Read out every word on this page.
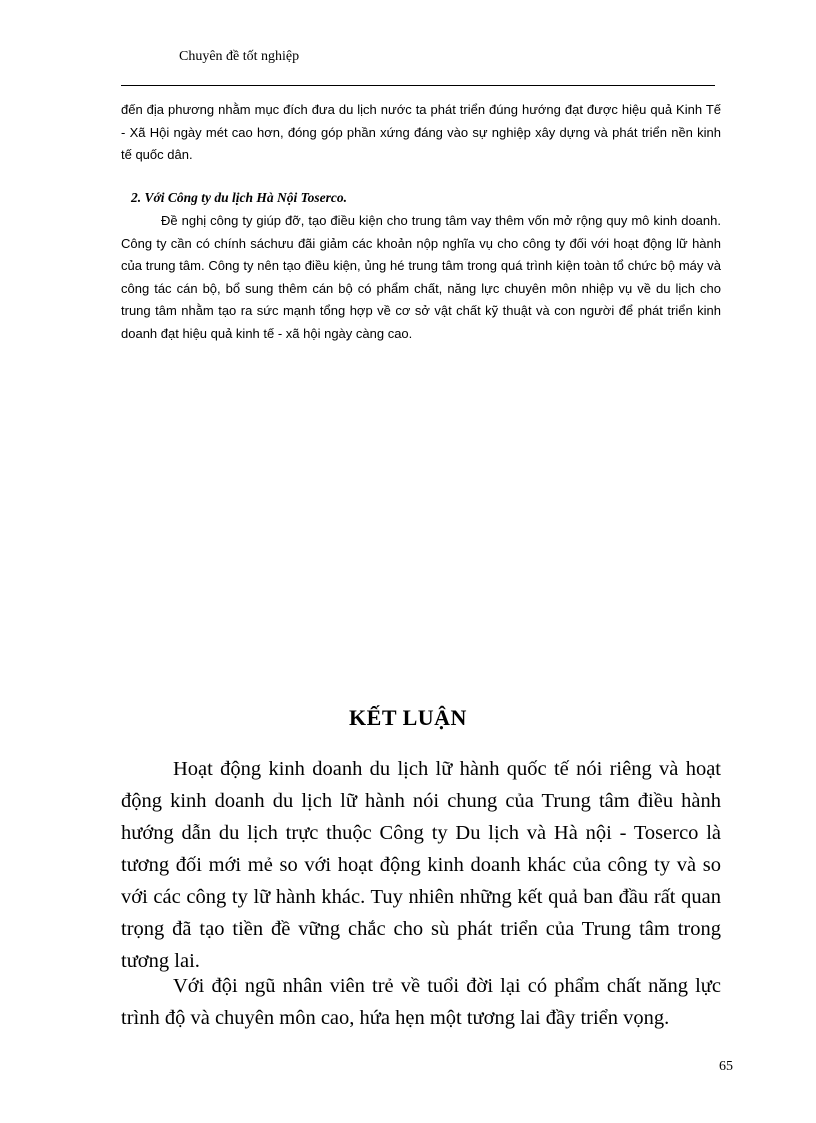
Chuyên đề tốt nghiệp

đến địa phương nhằm mục đích đưa du lịch nước ta phát triển đúng hướng đạt được hiệu quả Kinh Tế - Xã Hội ngày mét cao hơn, đóng góp phần xứng đáng vào sự nghiệp xây dựng và phát triển nền kinh tế quốc dân.

2. Với Công ty du lịch Hà Nội Toserco.

Đề nghị công ty giúp đỡ, tạo điều kiện cho trung tâm vay thêm vốn mở rộng quy mô kinh doanh. Công ty cần có chính sáchưu đãi giảm các khoản nộp nghĩa vụ cho công ty đối với hoạt động lữ hành của trung tâm. Công ty nên tạo điều kiện, ủng hé trung tâm trong quá trình kiện toàn tổ chức bộ máy và công tác cán bộ, bổ sung thêm cán bộ có phẩm chất, năng lực chuyên môn nhiệp vụ về du lịch cho trung tâm nhằm tạo ra sức mạnh tổng hợp về cơ sở vật chất kỹ thuật và con người để phát triển kinh doanh đạt hiệu quả kinh tế - xã hội ngày càng cao.

KẾT LUẬN

Hoạt động kinh doanh du lịch lữ hành quốc tế nói riêng và hoạt động kinh doanh du lịch lữ hành nói chung của Trung tâm điều hành hướng dẫn du lịch trực thuộc Công ty Du lịch và Hà nội - Toserco là tương đối mới mẻ so với hoạt động kinh doanh khác của công ty và so với các công ty lữ hành khác. Tuy nhiên những kết quả ban đầu rất quan trọng đã tạo tiền đề vững chắc cho sù phát triển của Trung tâm trong tương lai.

Với đội ngũ nhân viên trẻ về tuổi đời lại có phẩm chất năng lực trình độ và chuyên môn cao, hứa hẹn một tương lai đầy triển vọng.

65
